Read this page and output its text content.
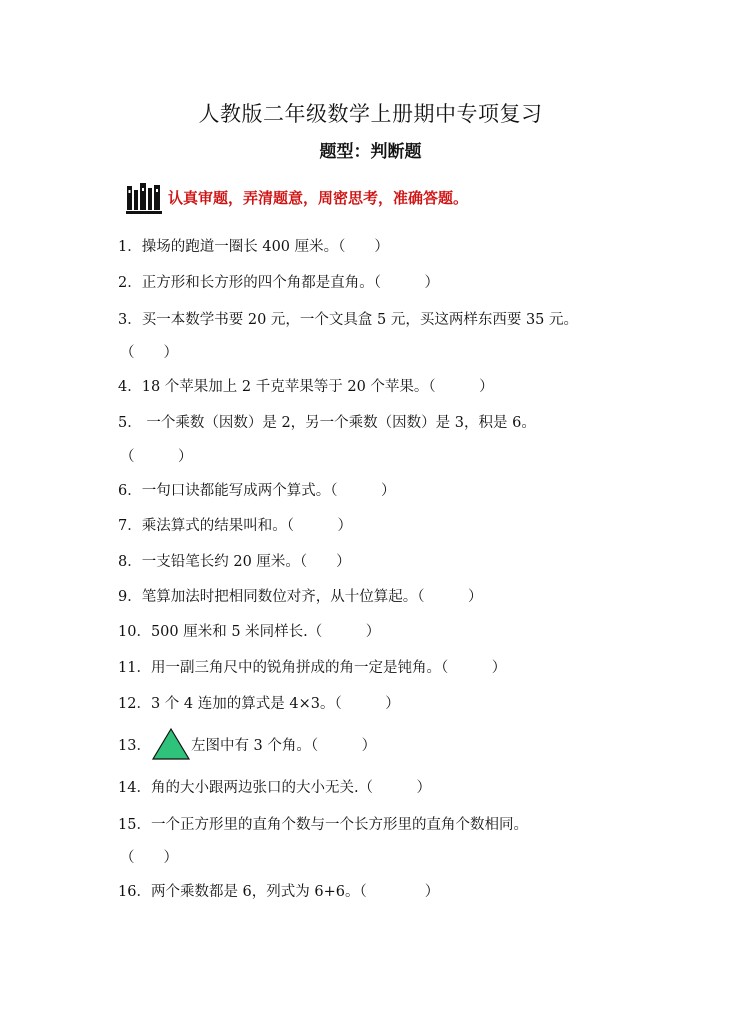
人教版二年级数学上册期中专项复习
题型：判断题
认真审题，弄清题意，周密思考，准确答题。
1．操场的跑道一圈长 400 厘米。（　　）
2．正方形和长方形的四个角都是直角。（　　　）
3．买一本数学书要 20 元，一个文具盒 5 元，买这两样东西要 35 元。
（　　）
4．18 个苹果加上 2 千克苹果等于 20 个苹果。（　　　）
5． 一个乘数（因数）是 2，另一个乘数（因数）是 3，积是 6。
（　　　）
6．一句口诀都能写成两个算式。（　　　）
7．乘法算式的结果叫和。（　　　）
8．一支铅笔长约 20 厘米。（　　）
9．笔算加法时把相同数位对齐，从十位算起。（　　　）
10．500 厘米和 5 米同样长.（　　　）
11．用一副三角尺中的锐角拼成的角一定是钝角。（　　　）
12．3 个 4 连加的算式是 4×3。（　　　）
13．	左图中有 3 个角。（　　　）
14．角的大小跟两边张口的大小无关.（　　　）
15．一个正方形里的直角个数与一个长方形里的直角个数相同。
（　　）
16．两个乘数都是 6，列式为 6+6。（　　　　）
